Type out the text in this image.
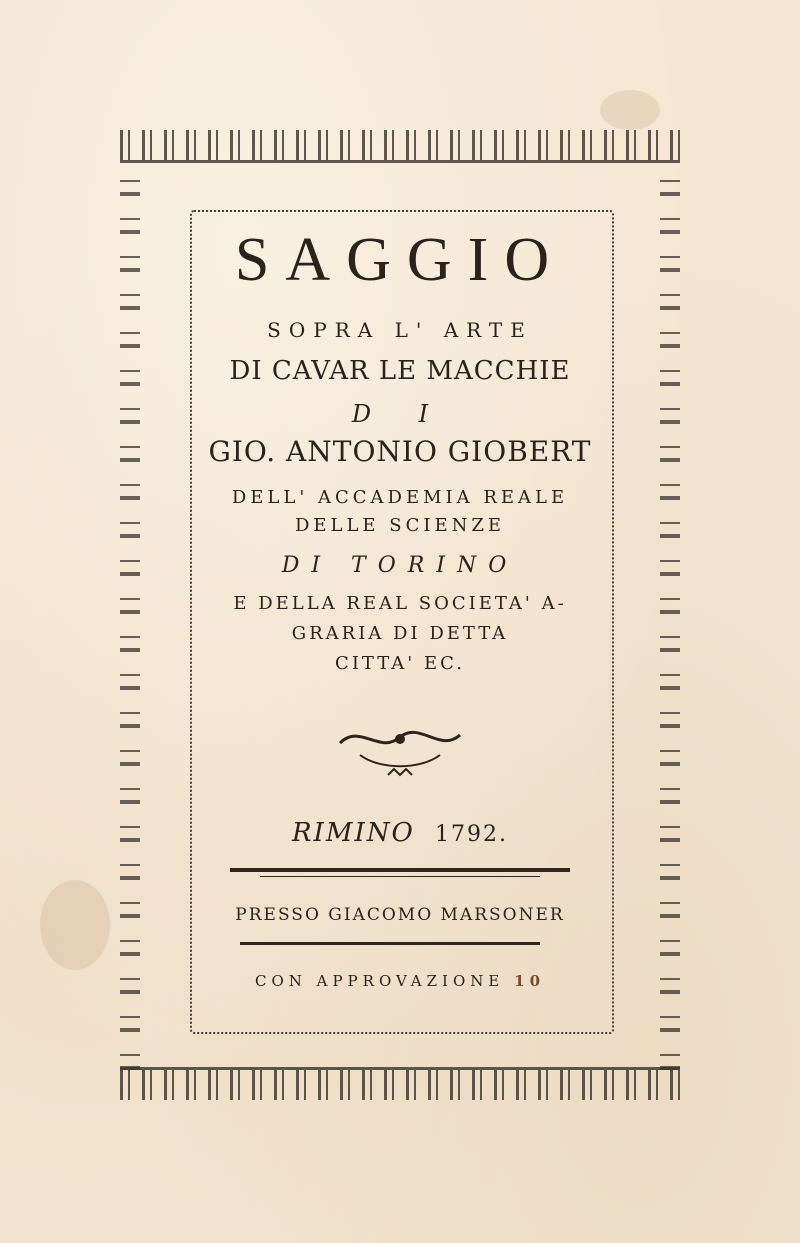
SAGGIO
SOPRA L' ARTE
DI CAVAR LE MACCHIE
D I
GIO. ANTONIO GIOBERT
DELL' ACCADEMIA REALE
DELLE SCIENZE
DI TORINO
E DELLA REAL SOCIETA' A-
GRARIA DI DETTA
CITTA' EC.
RIMINO 1792.
PRESSO GIACOMO MARSONER
CON APPROVAZIONE 10
